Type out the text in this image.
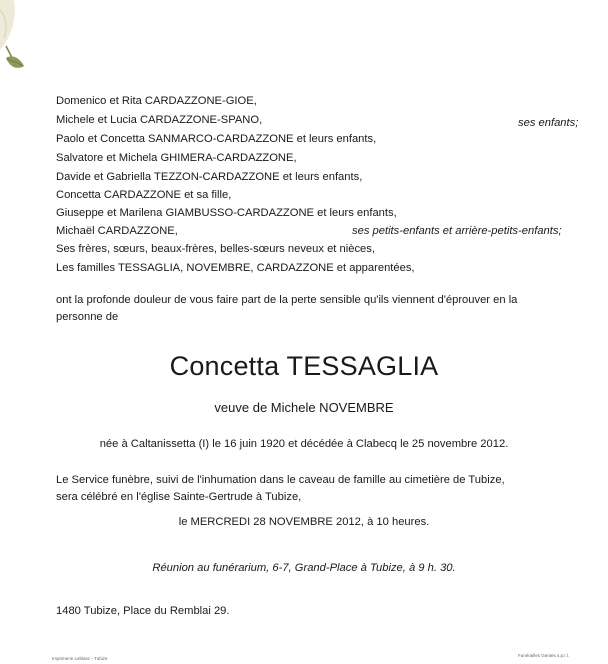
Domenico et Rita CARDAZZONE-GIOE,
Michele et Lucia CARDAZZONE-SPANO,	ses enfants;
Paolo et Concetta SANMARCO-CARDAZZONE et leurs enfants,
Salvatore et Michela GHIMERA-CARDAZZONE,
Davide et Gabriella TEZZON-CARDAZZONE et leurs enfants,
Concetta CARDAZZONE et sa fille,
Giuseppe et Marilena GIAMBUSSO-CARDAZZONE et leurs enfants,
Michaël CARDAZZONE,	ses petits-enfants et arrière-petits-enfants;
Ses frères, sœurs, beaux-frères, belles-sœurs neveux et nièces,
Les familles TESSAGLIA, NOVEMBRE, CARDAZZONE et apparentées,
ont la profonde douleur de vous faire part de la perte sensible qu'ils viennent d'éprouver en la
personne de
Concetta TESSAGLIA
veuve de Michele NOVEMBRE
née à Caltanissetta (I) le 16 juin 1920 et décédée à Clabecq le 25 novembre 2012.
Le Service funèbre, suivi de l'inhumation dans le caveau de famille au cimetière de Tubize,
sera célébré en l'église Sainte-Gertrude à Tubize,
le MERCREDI 28 NOVEMBRE 2012, à 10 heures.
Réunion au funérarium, 6-7, Grand-Place à Tubize, à 9 h. 30.
1480 Tubize, Place du Remblai 29.
Imprimerie Leblanc - Tubize
Funérailles Gentes s.p.r.l.
